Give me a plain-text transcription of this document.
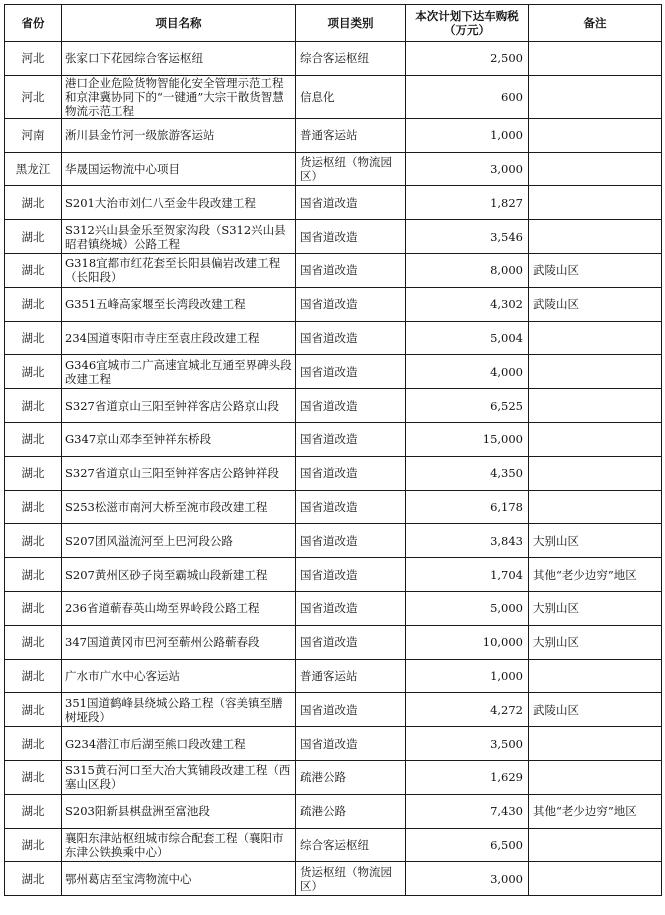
省份	项目名称	项目类别	本次计划下达车购税
（万元）	备注
河北	张家口下花园综合客运枢纽	综合客运枢纽	2,500	
河北	港口企业危险货物智能化安全管理示范工程和京津冀协同下的“一键通”大宗干散货智慧物流示范工程	信息化	600	
河南	淅川县金竹河一级旅游客运站	普通客运站	1,000	
黑龙江	华晟国运物流中心项目	货运枢纽（物流园区）	3,000	
湖北	S201大治市刘仁八至金牛段改建工程	国省道改造	1,827	
湖北	S312兴山县金乐至贺家沟段（S312兴山县昭君镇绕城）公路工程	国省道改造	3,546	
湖北	G318宜都市红花套至长阳县偏岩改建工程（长阳段）	国省道改造	8,000	武陵山区
湖北	G351五峰高家堰至长湾段改建工程	国省道改造	4,302	武陵山区
湖北	234国道枣阳市寺庄至袁庄段改建工程	国省道改造	5,004	
湖北	G346宜城市二广高速宜城北互通至界碑头段改建工程	国省道改造	4,000	
湖北	S327省道京山三阳至钟祥客店公路京山段	国省道改造	6,525	
湖北	G347京山邓李至钟祥东桥段	国省道改造	15,000	
湖北	S327省道京山三阳至钟祥客店公路钟祥段	国省道改造	4,350	
湖北	S253松滋市南河大桥至涴市段改建工程	国省道改造	6,178	
湖北	S207团风溢流河至上巴河段公路	国省道改造	3,843	大别山区
湖北	S207黄州区砂子岗至霸城山段新建工程	国省道改造	1,704	其他“老少边穷”地区
湖北	236省道蕲春英山坳至界岭段公路工程	国省道改造	5,000	大别山区
湖北	347国道黄冈市巴河至蕲州公路蕲春段	国省道改造	10,000	大别山区
湖北	广水市广水中心客运站	普通客运站	1,000	
湖北	351国道鹤峰县绕城公路工程（容美镇至膳树垭段）	国省道改造	4,272	武陵山区
湖北	G234潜江市后湖至熊口段改建工程	国省道改造	3,500	
湖北	S315黄石河口至大冶大箕铺段改建工程（西塞山区段）	疏港公路	1,629	
湖北	S203阳新县棋盘洲至富池段	疏港公路	7,430	其他“老少边穷”地区
湖北	襄阳东津站枢纽城市综合配套工程（襄阳市东津公铁换乘中心）	综合客运枢纽	6,500	
湖北	鄂州葛店至宝湾物流中心	货运枢纽（物流园区）	3,000	
